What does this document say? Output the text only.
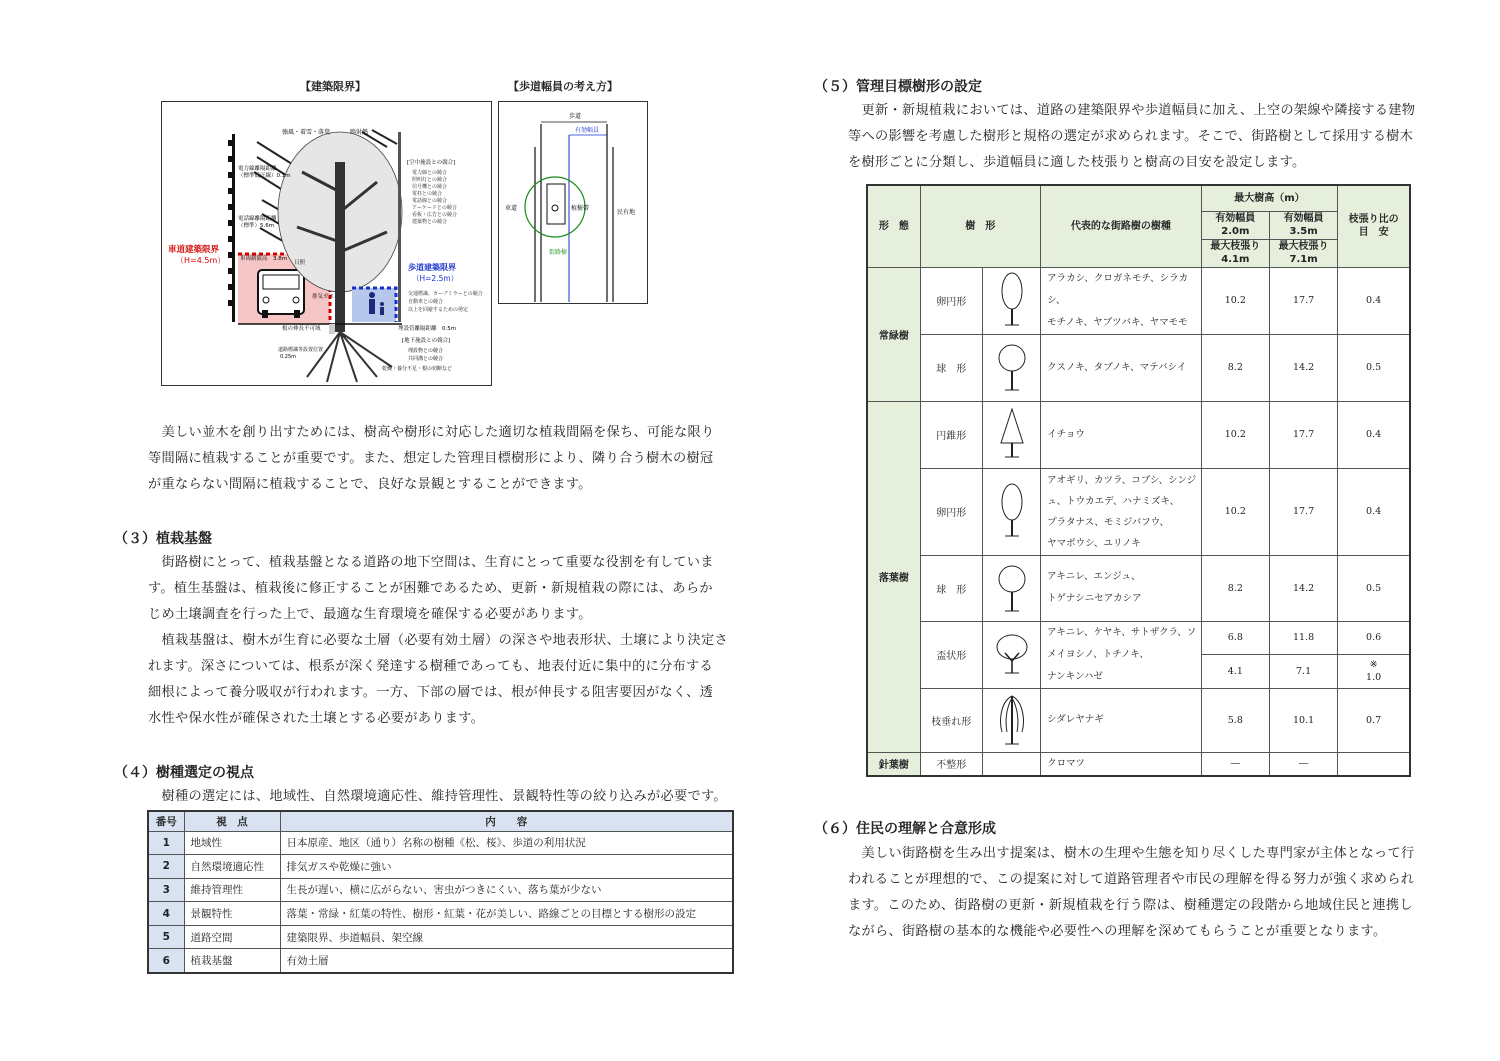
【建築限界】
強風・着雪・落葉	鳴射熱
[空中施設との競合]
電力線との競合
照明灯との競合
信号機との競合
電柱との競合
電話線との競合
アーケードとの競合
看板・広告との競合
建築物との競合
電力線離隔距離
（標準低圧線）0.1m
電話線離隔距離
（標準）5.6m
車道建築限界
（H=4.5m）	車両制限高　3.8m
歩道建築限界
（H=2.5m）
交通標識、カーブミラーとの競合
自動車との競合
以上を回避するための剪定
排気ガス
日照
根の伸長不可域	埋設管離隔距離　0.5m
[地下施設との競合]
埋設物との競合
共同溝との競合
乾燥・養分不足・根の切断など
道路標識等設置位置
0.25m
【歩道幅員の考え方】
歩道
有効幅員
車道	植樹帯
民有地
街路樹
　美しい並木を創り出すためには、樹高や樹形に対応した適切な植栽間隔を保ち、可能な限り
等間隔に植栽することが重要です。また、想定した管理目標樹形により、隣り合う樹木の樹冠
が重ならない間隔に植栽することで、良好な景観とすることができます。
（３）植栽基盤
　街路樹にとって、植栽基盤となる道路の地下空間は、生育にとって重要な役割を有していま
す。植生基盤は、植栽後に修正することが困難であるため、更新・新規植栽の際には、あらか
じめ土壌調査を行った上で、最適な生育環境を確保する必要があります。
　植栽基盤は、樹木が生育に必要な土層（必要有効土層）の深さや地表形状、土壌により決定さ
れます。深さについては、根系が深く発達する樹種であっても、地表付近に集中的に分布する
細根によって養分吸収が行われます。一方、下部の層では、根が伸長する阻害要因がなく、透
水性や保水性が確保された土壌とする必要があります。
（４）樹種選定の視点
　樹種の選定には、地域性、自然環境適応性、維持管理性、景観特性等の絞り込みが必要です。
番号	視　点	内　　容
1	地域性	日本原産、地区（通り）名称の樹種《松、桜》、歩道の利用状況
2	自然環境適応性	排気ガスや乾燥に強い
3	維持管理性	生長が遅い、横に広がらない、害虫がつきにくい、落ち葉が少ない
4	景観特性	落葉・常緑・紅葉の特性、樹形・紅葉・花が美しい、路線ごとの目標とする樹形の設定
5	道路空間	建築限界、歩道幅員、架空線
6	植栽基盤	有効土層
（５）管理目標樹形の設定
　更新・新規植栽においては、道路の建築限界や歩道幅員に加え、上空の架線や隣接する建物
等への影響を考慮した樹形と規格の選定が求められます。そこで、街路樹として採用する樹木
を樹形ごとに分類し、歩道幅員に適した枝張りと樹高の目安を設定します。
形　態	樹　形		代表的な街路樹の樹種	最大樹高（m）		枝張り比の
目　安
				有効幅員
2.0m	有効幅員
3.5m	
				最大枝張り
4.1m	最大枝張り
7.1m	
常緑樹	卵円形		アラカシ、クロガネモチ、シラカシ、
モチノキ、ヤブツバキ、ヤマモモ	10.2	17.7	0.4
	球　形		クスノキ、タブノキ、マテバシイ	8.2	14.2	0.5
落葉樹	円錐形		イチョウ	10.2	17.7	0.4
	卵円形		アオギリ、カツラ、コブシ、シンジ
ュ、トウカエデ、ハナミズキ、
プラタナス、モミジバフウ、
ヤマボウシ、ユリノキ	10.2	17.7	0.4
	球　形		アキニレ、エンジュ、
トゲナシニセアカシア	8.2	14.2	0.5
	盃状形		アキニレ、ケヤキ、サトザクラ、ソ
メイヨシノ、トチノキ、
ナンキンハゼ	6.8	11.8	0.6
				4.1	7.1	※
1.0
	枝垂れ形		シダレヤナギ	5.8	10.1	0.7
針葉樹	不整形		クロマツ	―	―	
（６）住民の理解と合意形成
　美しい街路樹を生み出す提案は、樹木の生理や生態を知り尽くした専門家が主体となって行
われることが理想的で、この提案に対して道路管理者や市民の理解を得る努力が強く求められ
ます。このため、街路樹の更新・新規植栽を行う際は、樹種選定の段階から地域住民と連携し
ながら、街路樹の基本的な機能や必要性への理解を深めてもらうことが重要となります。
